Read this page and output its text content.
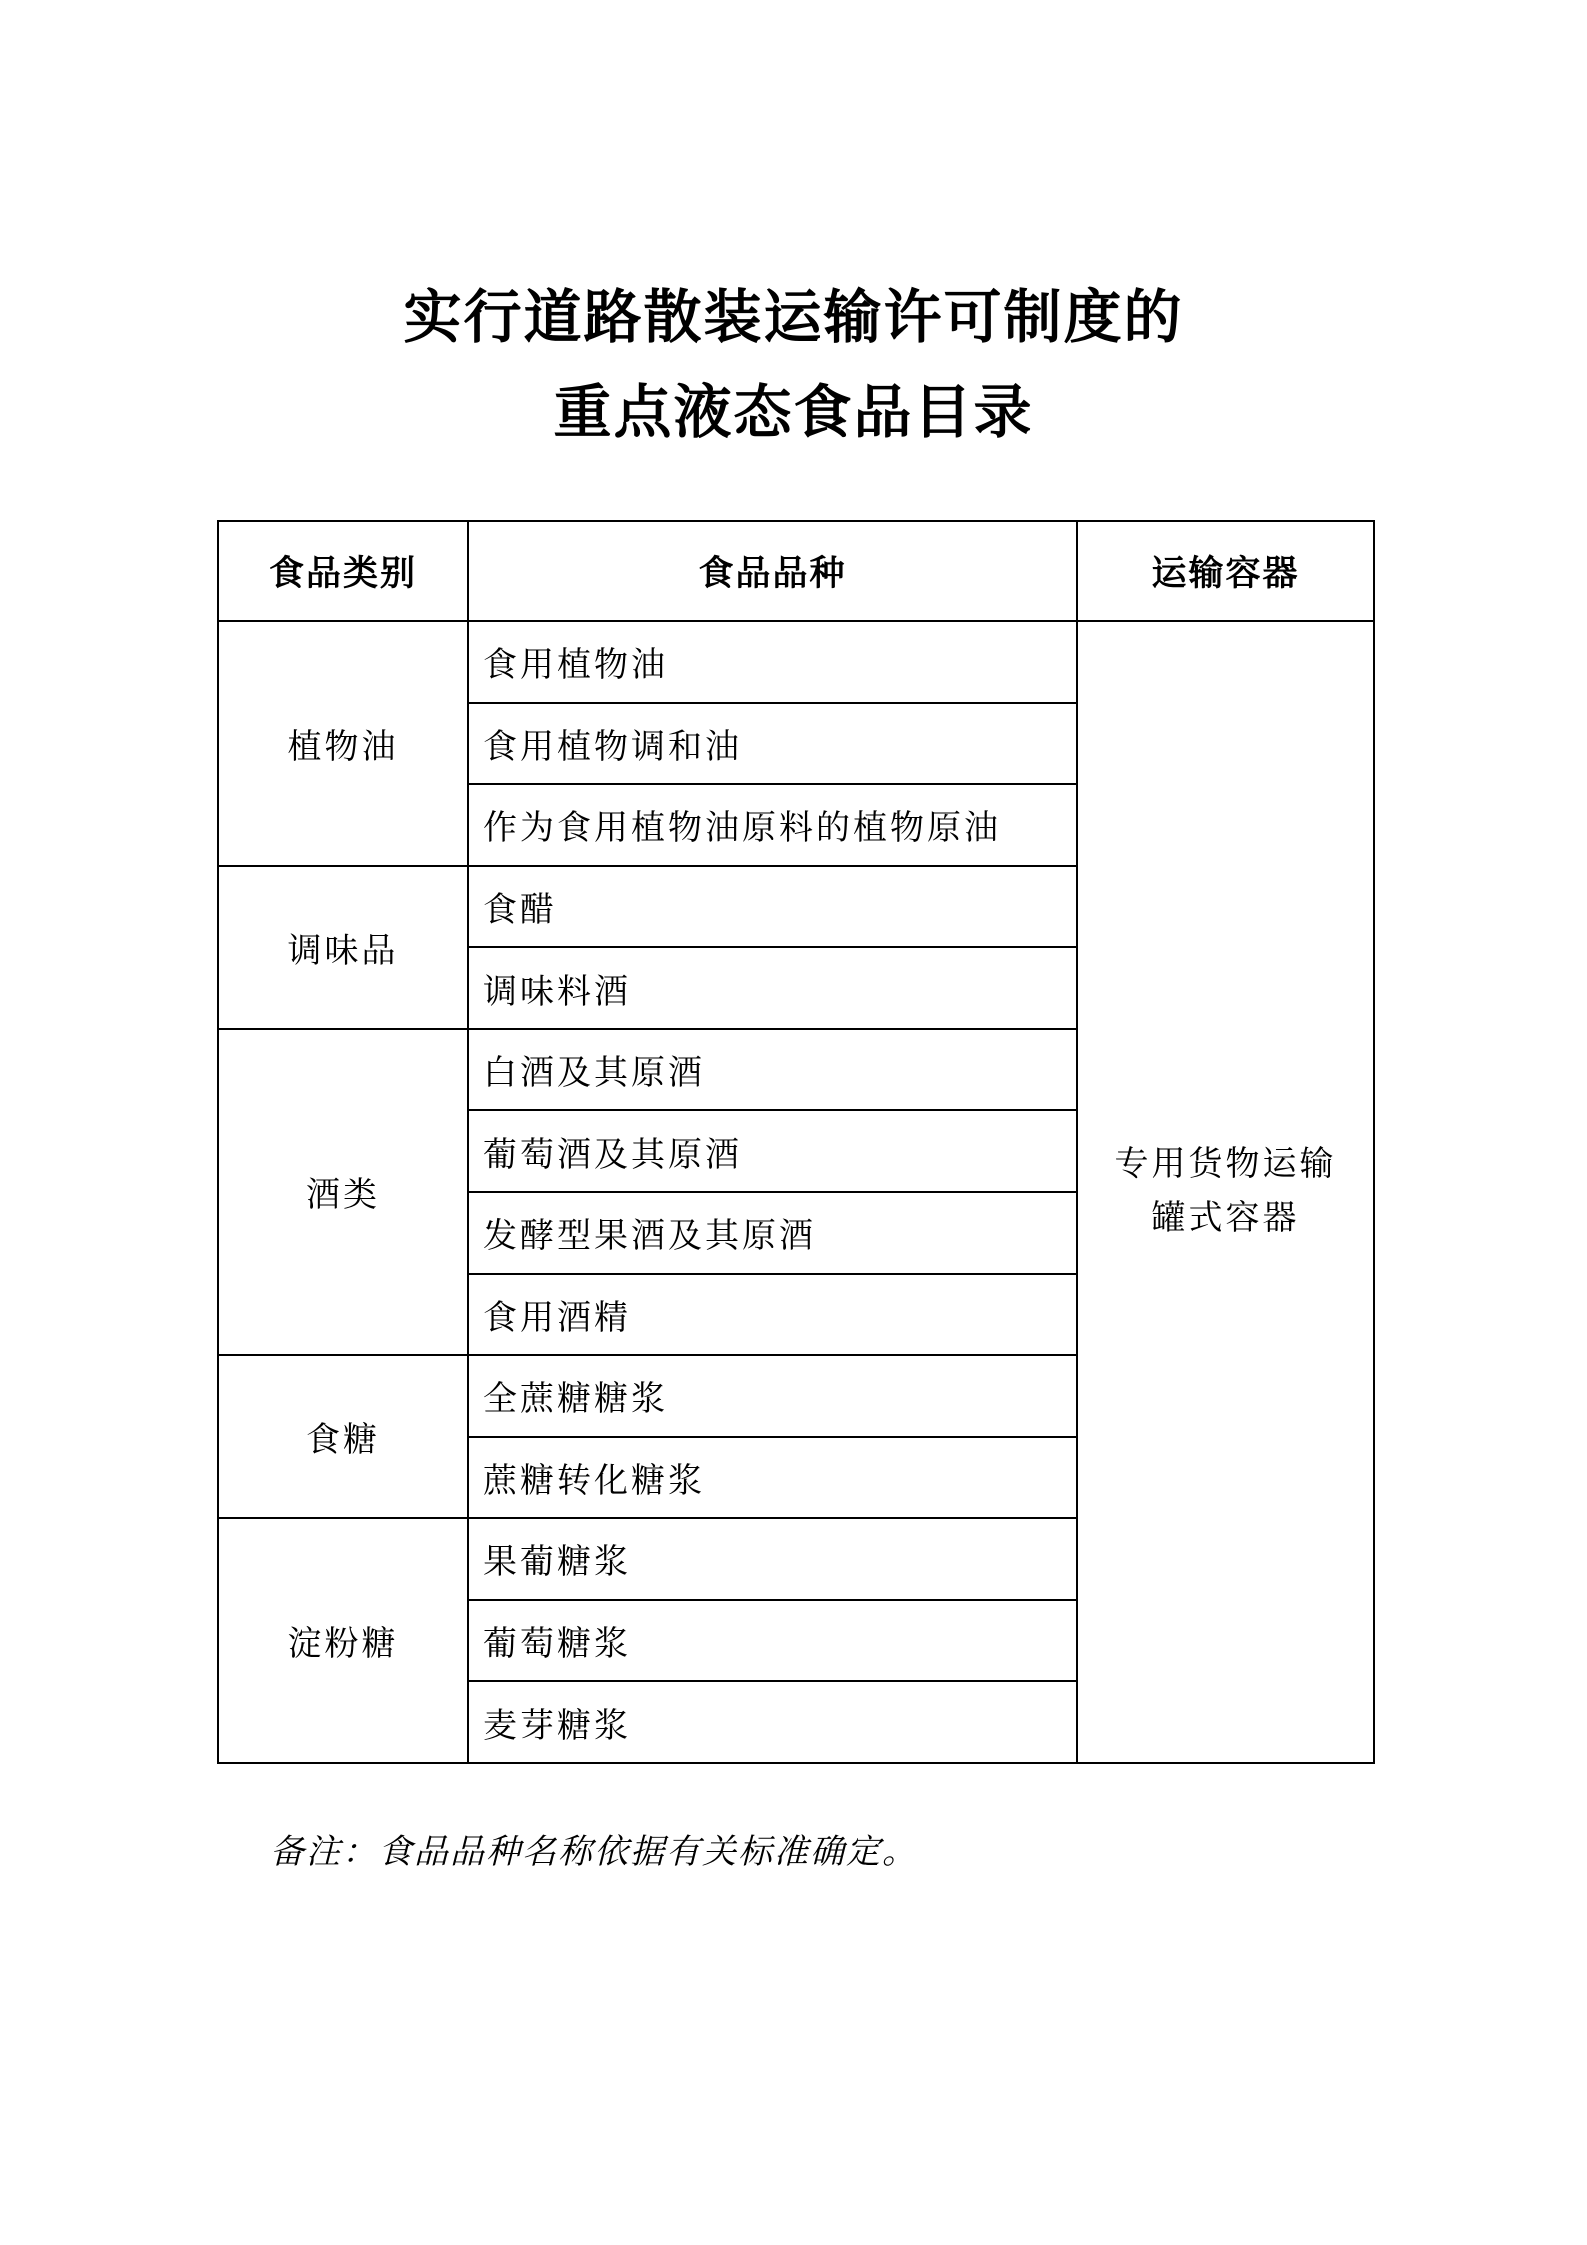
实行道路散装运输许可制度的
重点液态食品目录
食品类别	食品品种	运输容器
植物油	食用植物油	专用货物运输
罐式容器

	食用植物调和油	
	作为食用植物油原料的植物原油	
调味品	食醋	
	调味料酒	
酒类	白酒及其原酒	
	葡萄酒及其原酒	
	发酵型果酒及其原酒	
	食用酒精	
食糖	全蔗糖糖浆	
	蔗糖转化糖浆	
淀粉糖	果葡糖浆	
	葡萄糖浆	
	麦芽糖浆	
备注：食品品种名称依据有关标准确定。
